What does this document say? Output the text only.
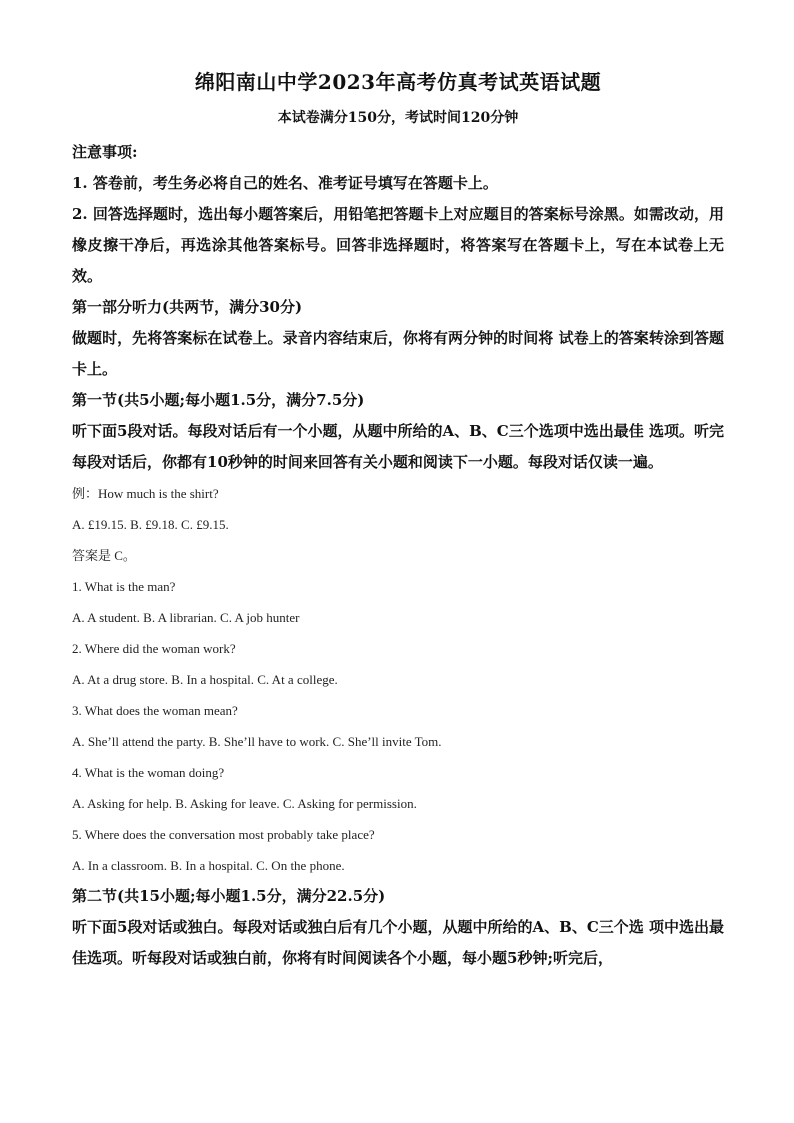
绵阳南山中学2023年高考仿真考试英语试题

本试卷满分150分，考试时间120分钟

注意事项:

1. 答卷前，考生务必将自己的姓名、准考证号填写在答题卡上。

2. 回答选择题时，选出每小题答案后，用铅笔把答题卡上对应题目的答案标号涂黑。如需改动，用橡皮擦干净后，再选涂其他答案标号。回答非选择题时，将答案写在答题卡上，写在本试卷上无效。

第一部分听力(共两节，满分30分)

做题时，先将答案标在试卷上。录音内容结束后，你将有两分钟的时间将 试卷上的答案转涂到答题卡上。

第一节(共5小题;每小题1.5分，满分7.5分)

听下面5段对话。每段对话后有一个小题，从题中所给的A、B、C三个选项中选出最佳 选项。听完每段对话后，你都有10秒钟的时间来回答有关小题和阅读下一小题。每段对话仅读一遍。

例：How much is the shirt?

A. £19.15. B. £9.18. C. £9.15.

答案是 C。

1. What is the man?

A. A student. B. A librarian. C. A job hunter

2. Where did the woman work?

A. At a drug store. B. In a hospital. C. At a college.

3. What does the woman mean?

A. She’ll attend the party. B. She’ll have to work. C. She’ll invite Tom.

4. What is the woman doing?

A. Asking for help. B. Asking for leave. C. Asking for permission.

5. Where does the conversation most probably take place?

A. In a classroom. B. In a hospital. C. On the phone.

第二节(共15小题;每小题1.5分，满分22.5分)

听下面5段对话或独白。每段对话或独白后有几个小题，从题中所给的A、B、C三个选 项中选出最佳选项。听每段对话或独白前，你将有时间阅读各个小题，每小题5秒钟;听完后，
